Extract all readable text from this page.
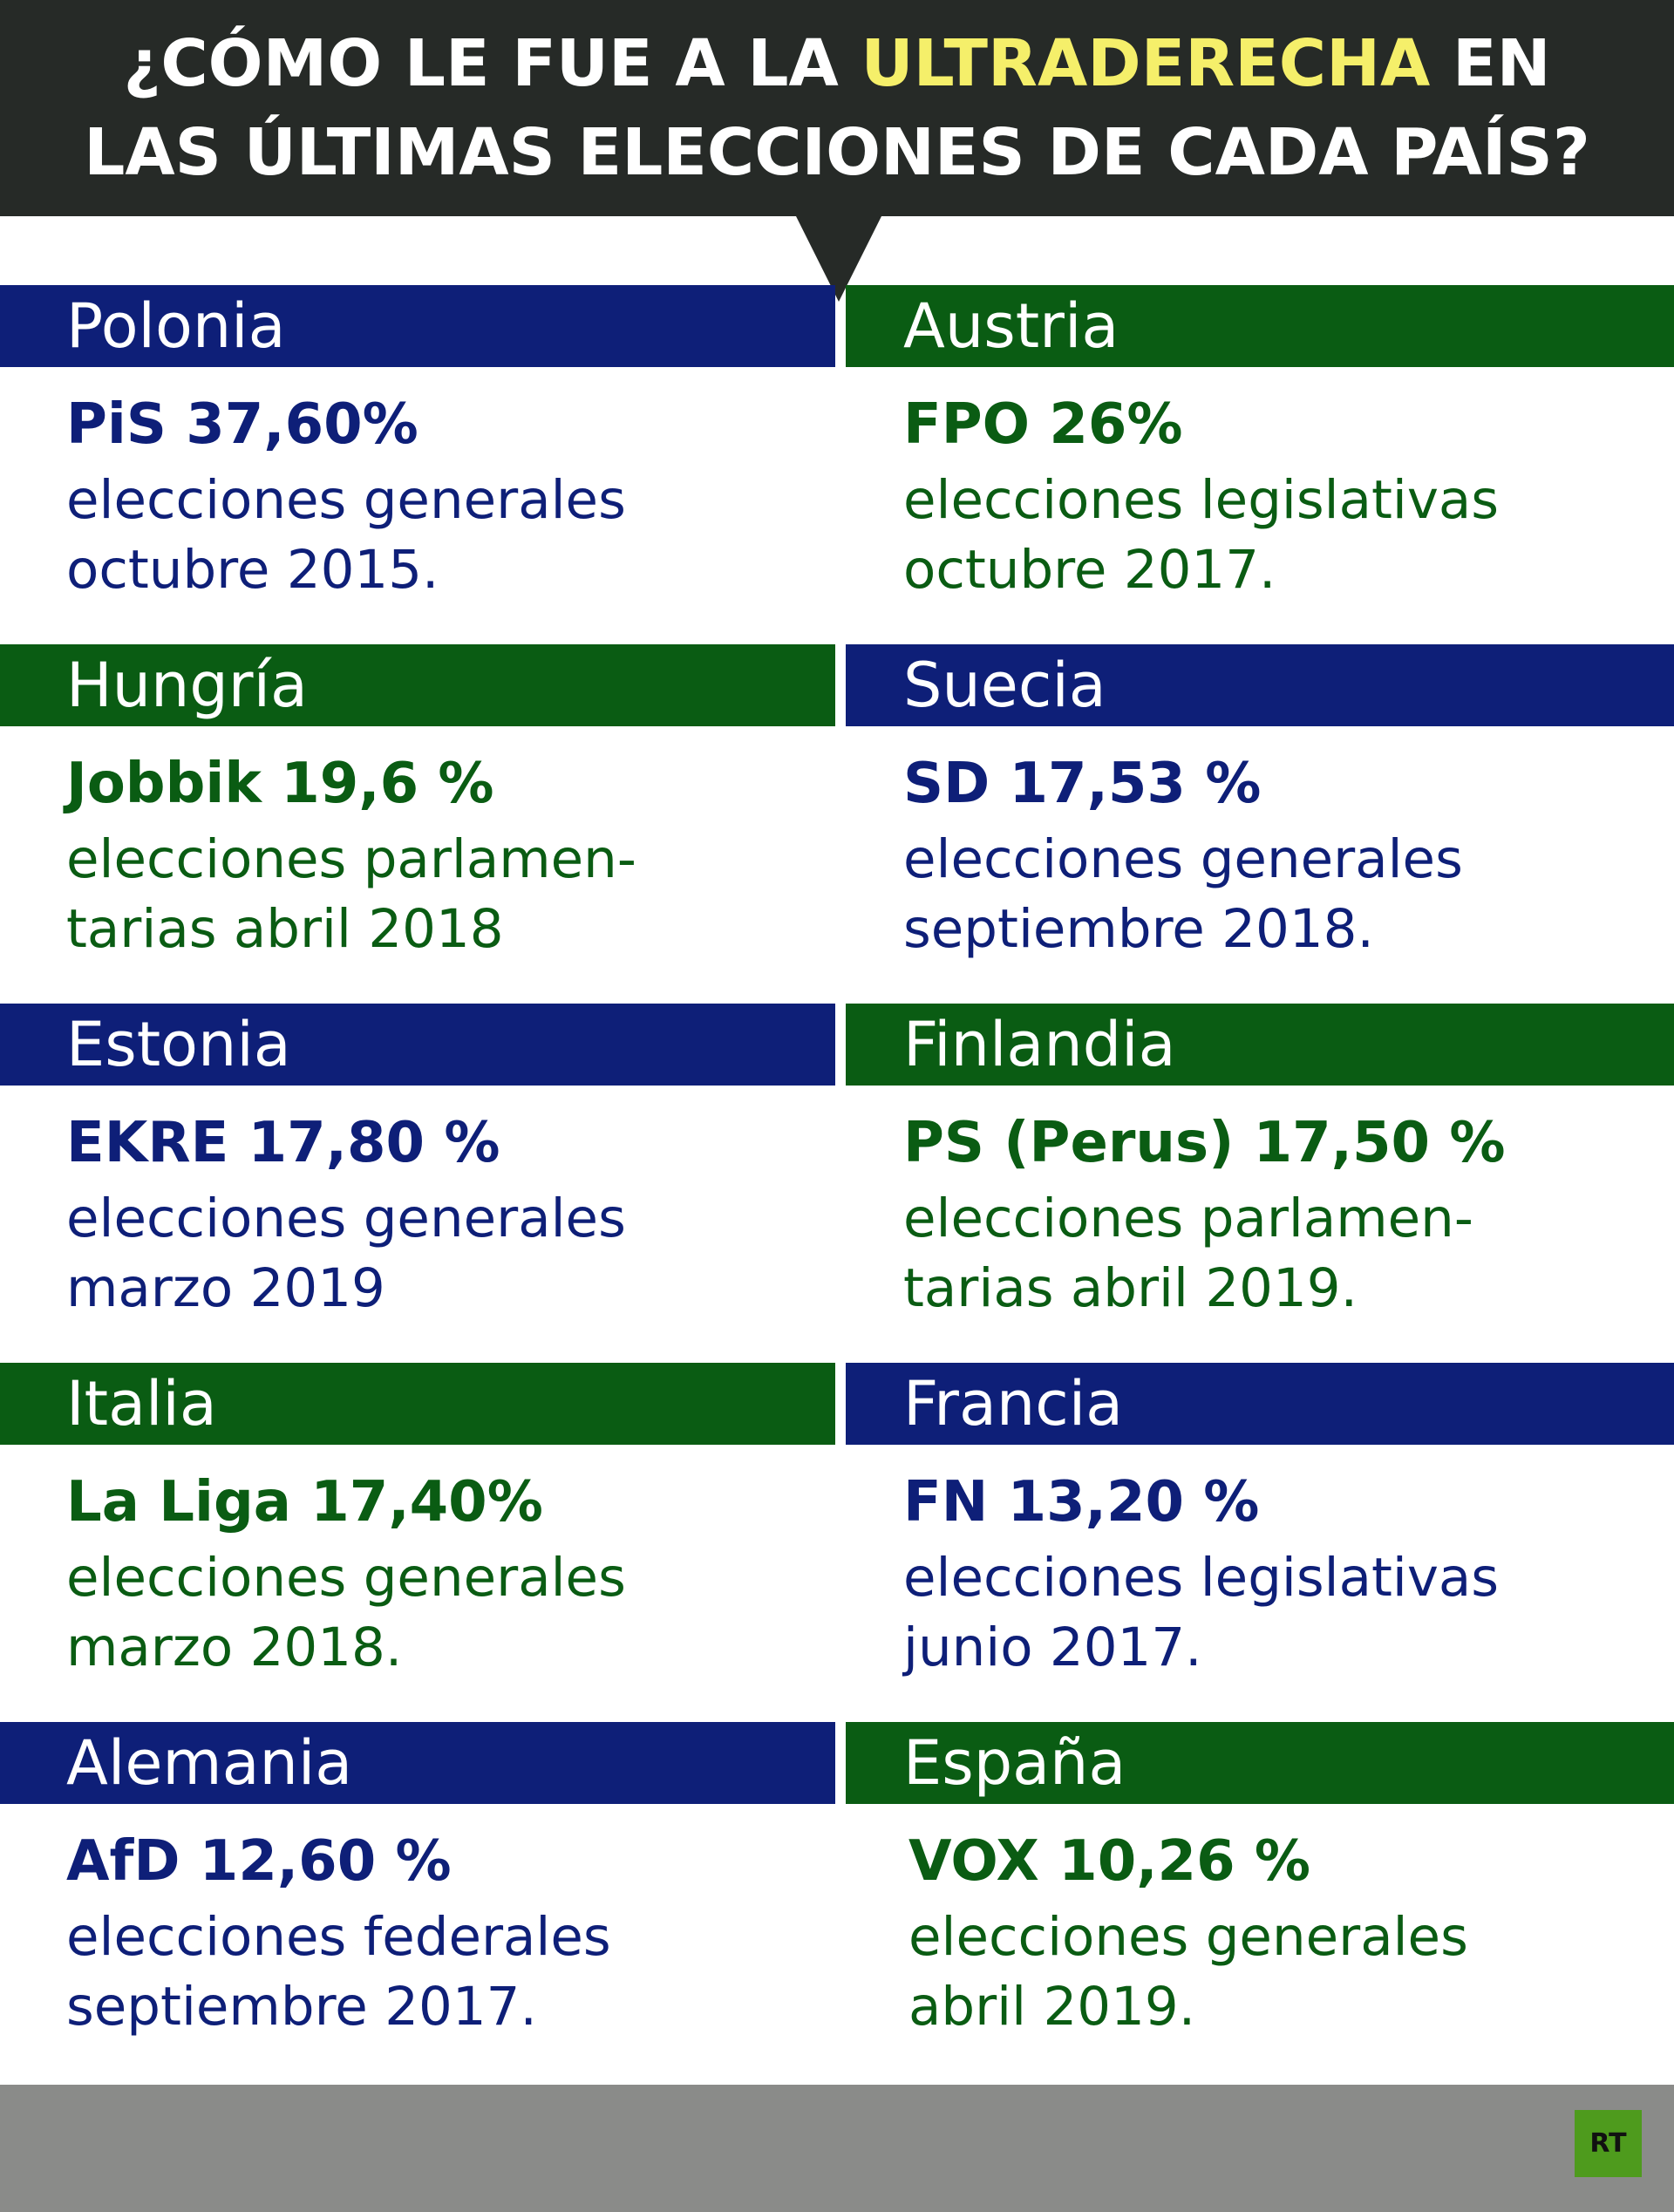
¿CÓMO LE FUE A LA ULTRADERECHA EN
LAS ÚLTIMAS ELECCIONES DE CADA PAÍS?
Polonia	Austria
PiS 37,60%
elecciones generales
octubre 2015.
FPO 26%
elecciones legislativas
octubre 2017.
Hungría	Suecia
Jobbik 19,6 %
elecciones parlamen-
tarias abril 2018
SD 17,53 %
elecciones generales
septiembre 2018.
Estonia	Finlandia
EKRE 17,80 %
elecciones generales
marzo 2019
PS (Perus) 17,50 %
elecciones parlamen-
tarias abril 2019.
Italia	Francia
La Liga 17,40%
elecciones generales
marzo 2018.
FN 13,20 %
elecciones legislativas
junio 2017.
Alemania	España
AfD 12,60 %
elecciones federales
septiembre 2017.
VOX 10,26 %
elecciones generales
abril 2019.
RT
